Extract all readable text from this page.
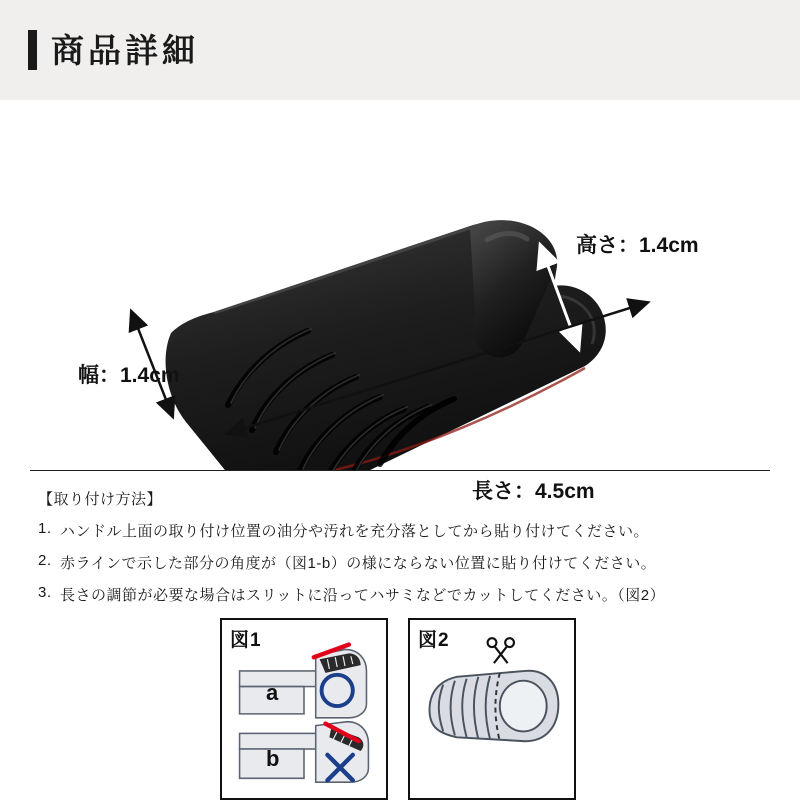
商品詳細
高さ：1.4cm
幅：1.4cm
長さ：4.5cm
【取り付け方法】
1. ハンドル上面の取り付け位置の油分や汚れを充分落としてから貼り付けてください。
2. 赤ラインで示した部分の角度が（図1-b）の様にならない位置に貼り付けてください。
3. 長さの調節が必要な場合はスリットに沿ってハサミなどでカットしてください。（図2）
図1
a
b
図2
